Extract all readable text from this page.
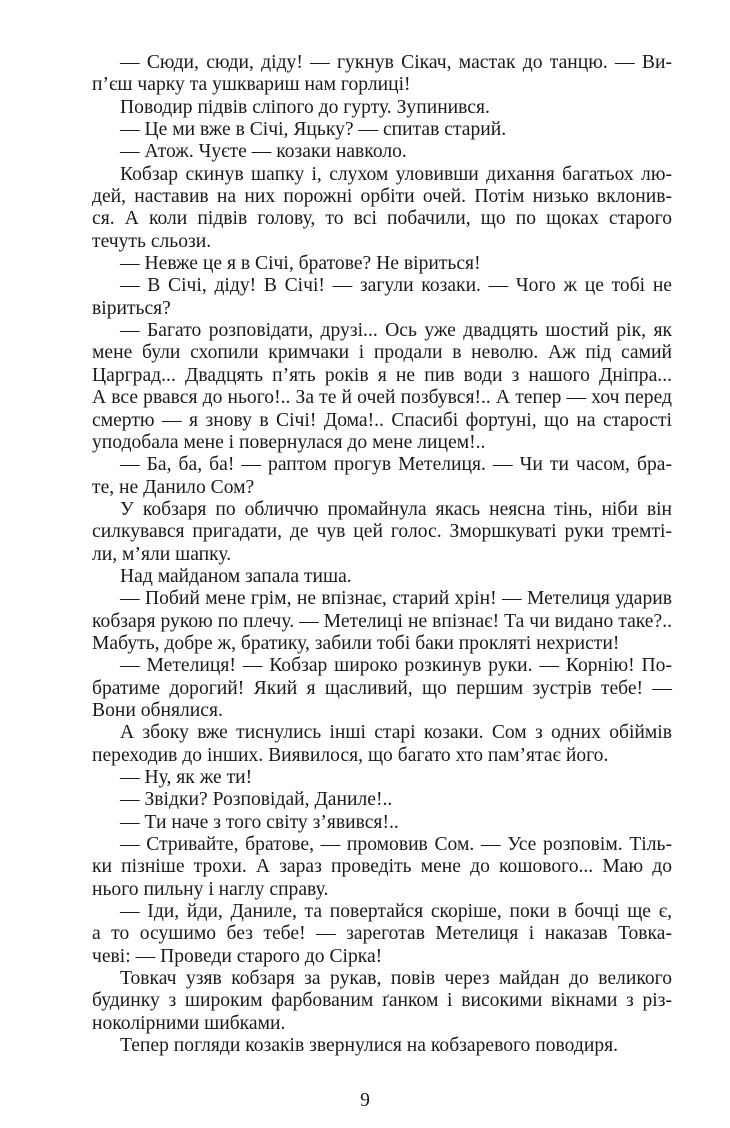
— Сюди, сюди, діду! — гукнув Сікач, мастак до танцю. — Ви-
п’єш чарку та ушквариш нам горлиці!

Поводир підвів сліпого до гурту. Зупинився.

— Це ми вже в Січі, Яцьку? — спитав старий.

— Атож. Чуєте — козаки навколо.

Кобзар скинув шапку і, слухом уловивши дихання багатьох лю-
дей, наставив на них порожні орбіти очей. Потім низько вклонив-
ся. А коли підвів голову, то всі побачили, що по щоках старого
течуть сльози.

— Невже це я в Січі, братове? Не віриться!

— В Січі, діду! В Січі! — загули козаки. — Чого ж це тобі не
віриться?

— Багато розповідати, друзі... Ось уже двадцять шостий рік, як
мене були схопили кримчаки і продали в неволю. Аж під самий
Царград... Двадцять п’ять років я не пив води з нашого Дніпра...
А все рвався до нього!.. За те й очей позбувся!.. А тепер — хоч перед
смертю — я знову в Січі! Дома!.. Спасибі фортуні, що на старості
уподобала мене і повернулася до мене лицем!..

— Ба, ба, ба! — раптом прогув Метелиця. — Чи ти часом, бра-
те, не Данило Сом?

У кобзаря по обличчю промайнула якась неясна тінь, ніби він
силкувався пригадати, де чув цей голос. Зморшкуваті руки тремті-
ли, м’яли шапку.

Над майданом запала тиша.

— Побий мене грім, не впізнає, старий хрін! — Метелиця ударив
кобзаря рукою по плечу. — Метелиці не впізнає! Та чи видано таке?..
Мабуть, добре ж, братику, забили тобі баки прокляті нехристи!

— Метелиця! — Кобзар широко розкинув руки. — Корнію! По-
братиме дорогий! Який я щасливий, що першим зустрів тебе! —
Вони обнялися.

А збоку вже тиснулись інші старі козаки. Сом з одних обіймів
переходив до інших. Виявилося, що багато хто пам’ятає його.

— Ну, як же ти!

— Звідки? Розповідай, Даниле!..

— Ти наче з того світу з’явився!..

— Стривайте, братове, — промовив Сом. — Усе розповім. Тіль-
ки пізніше трохи. А зараз проведіть мене до кошового... Маю до
нього пильну і наглу справу.

— Іди, йди, Даниле, та повертайся скоріше, поки в бочці ще є,
а то осушимо без тебе! — зареготав Метелиця і наказав Товка-
чеві: — Проведи старого до Сірка!

Товкач узяв кобзаря за рукав, повів через майдан до великого
будинку з широким фарбованим ґанком і високими вікнами з різ-
ноколірними шибками.

Тепер погляди козаків звернулися на кобзаревого поводиря.

9
